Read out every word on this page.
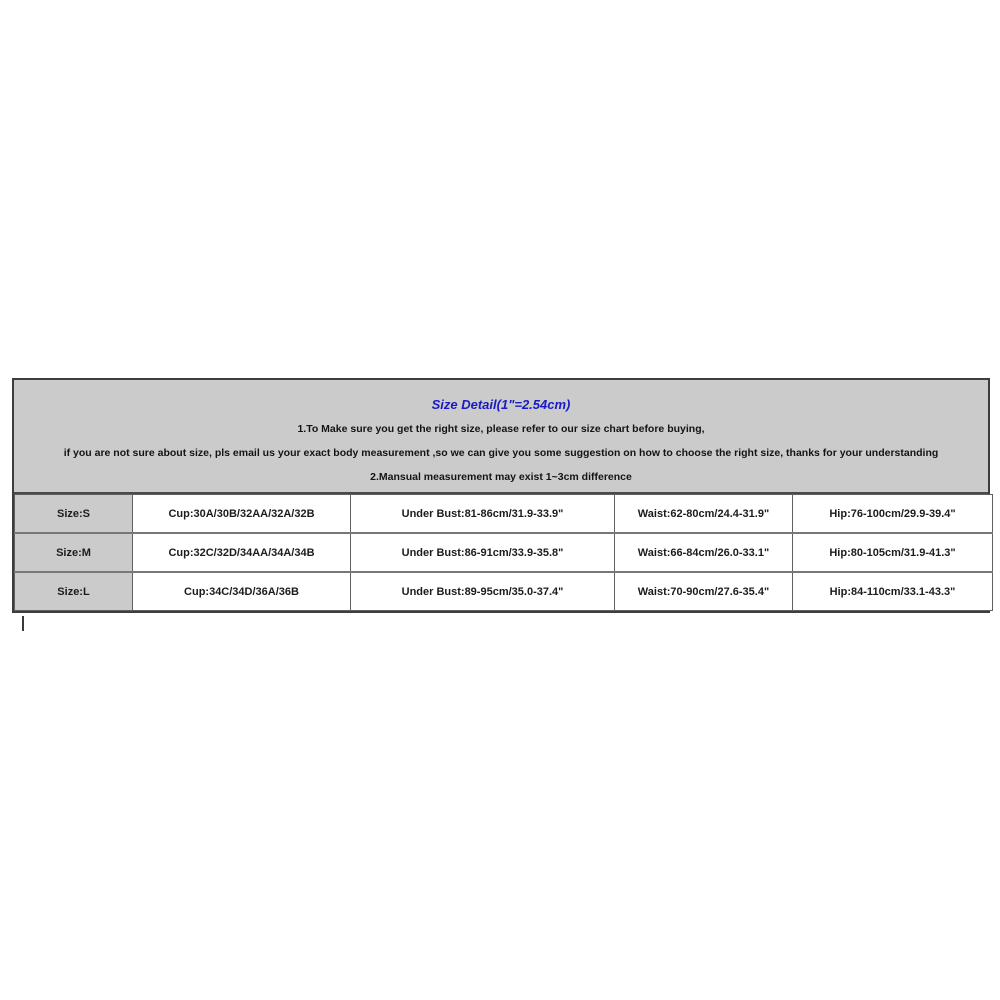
Size Detail(1"=2.54cm)
1.To Make sure you get the right size, please refer to our size chart before buying,
if you are not sure about size, pls email us your exact body measurement ,so we can give you some suggestion on how to choose the right size, thanks for your understanding
2.Mansual measurement may exist 1~3cm difference
Size:S	Cup:30A/30B/32AA/32A/32B	Under Bust:81-86cm/31.9-33.9"	Waist:62-80cm/24.4-31.9"	Hip:76-100cm/29.9-39.4"
Size:M	Cup:32C/32D/34AA/34A/34B	Under Bust:86-91cm/33.9-35.8"	Waist:66-84cm/26.0-33.1"	Hip:80-105cm/31.9-41.3"
Size:L	Cup:34C/34D/36A/36B	Under Bust:89-95cm/35.0-37.4"	Waist:70-90cm/27.6-35.4"	Hip:84-110cm/33.1-43.3"
